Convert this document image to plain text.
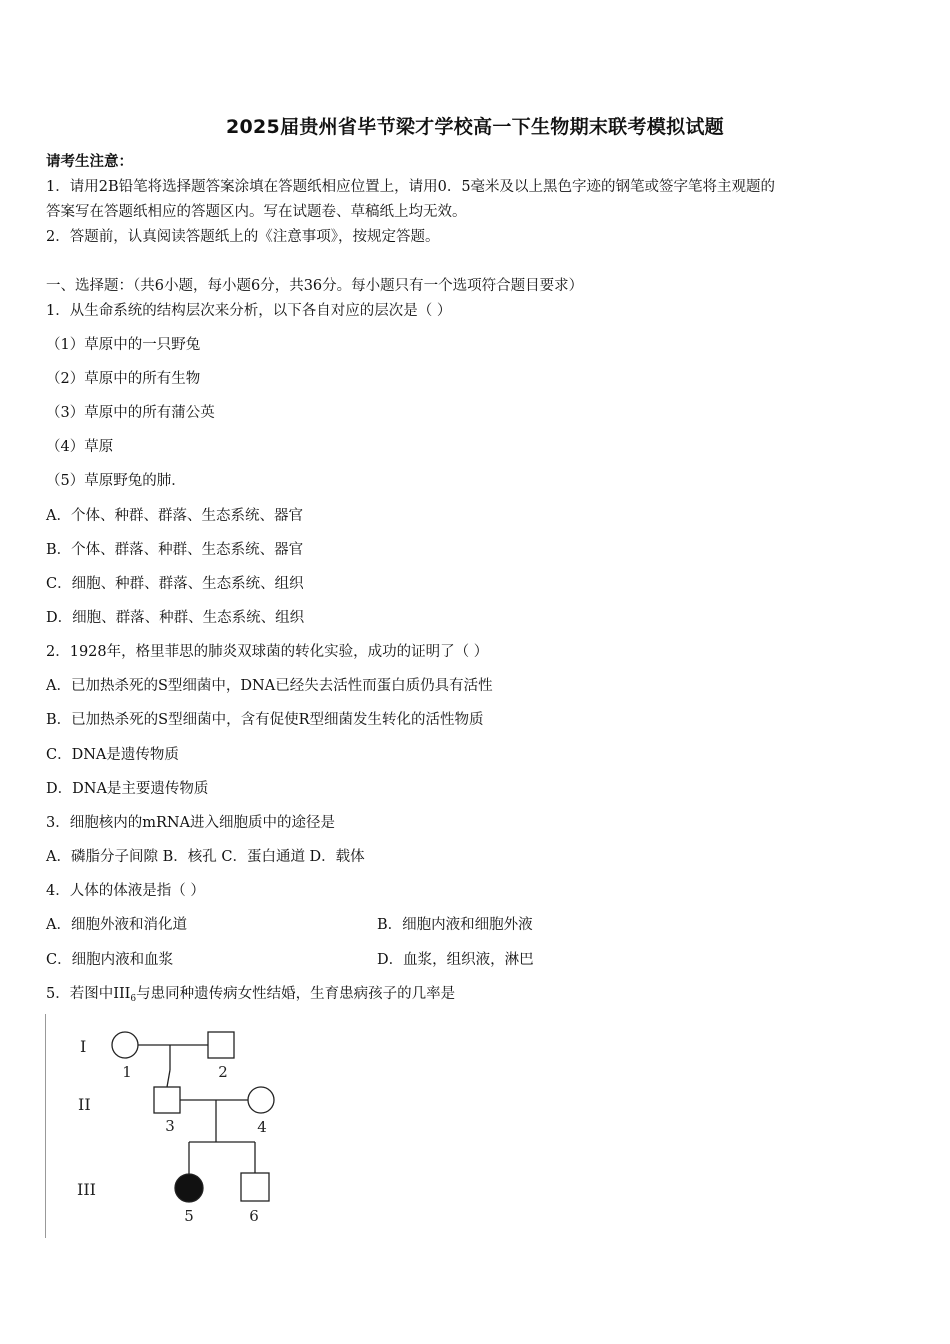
2025届贵州省毕节梁才学校高一下生物期末联考模拟试题
请考生注意：
1．请用2B铅笔将选择题答案涂填在答题纸相应位置上，请用0．5毫米及以上黑色字迹的钢笔或签字笔将主观题的
答案写在答题纸相应的答题区内。写在试题卷、草稿纸上均无效。
2．答题前，认真阅读答题纸上的《注意事项》，按规定答题。
一、选择题：（共6小题，每小题6分，共36分。每小题只有一个选项符合题目要求）
1．从生命系统的结构层次来分析，以下各自对应的层次是（ ）
（1）草原中的一只野兔
（2）草原中的所有生物
（3）草原中的所有蒲公英
（4）草原
（5）草原野兔的肺．
A．个体、种群、群落、生态系统、器官
B．个体、群落、种群、生态系统、器官
C．细胞、种群、群落、生态系统、组织
D．细胞、群落、种群、生态系统、组织
2．1928年，格里菲思的肺炎双球菌的转化实验，成功的证明了（ ）
A．已加热杀死的S型细菌中，DNA已经失去活性而蛋白质仍具有活性
B．已加热杀死的S型细菌中，含有促使R型细菌发生转化的活性物质
C．DNA是遗传物质
D．DNA是主要遗传物质
3．细胞核内的mRNA进入细胞质中的途径是
A．磷脂分子间隙 B．核孔 C．蛋白通道 D．载体
4．人体的体液是指（ ）
A．细胞外液和消化道	B．细胞内液和细胞外液
C．细胞内液和血浆	D．血浆，组织液，淋巴
5．若图中$III_6$与患同种遗传病女性结婚，生育患病孩子的几率是
I
II
III
1	2
3	4
5	6
